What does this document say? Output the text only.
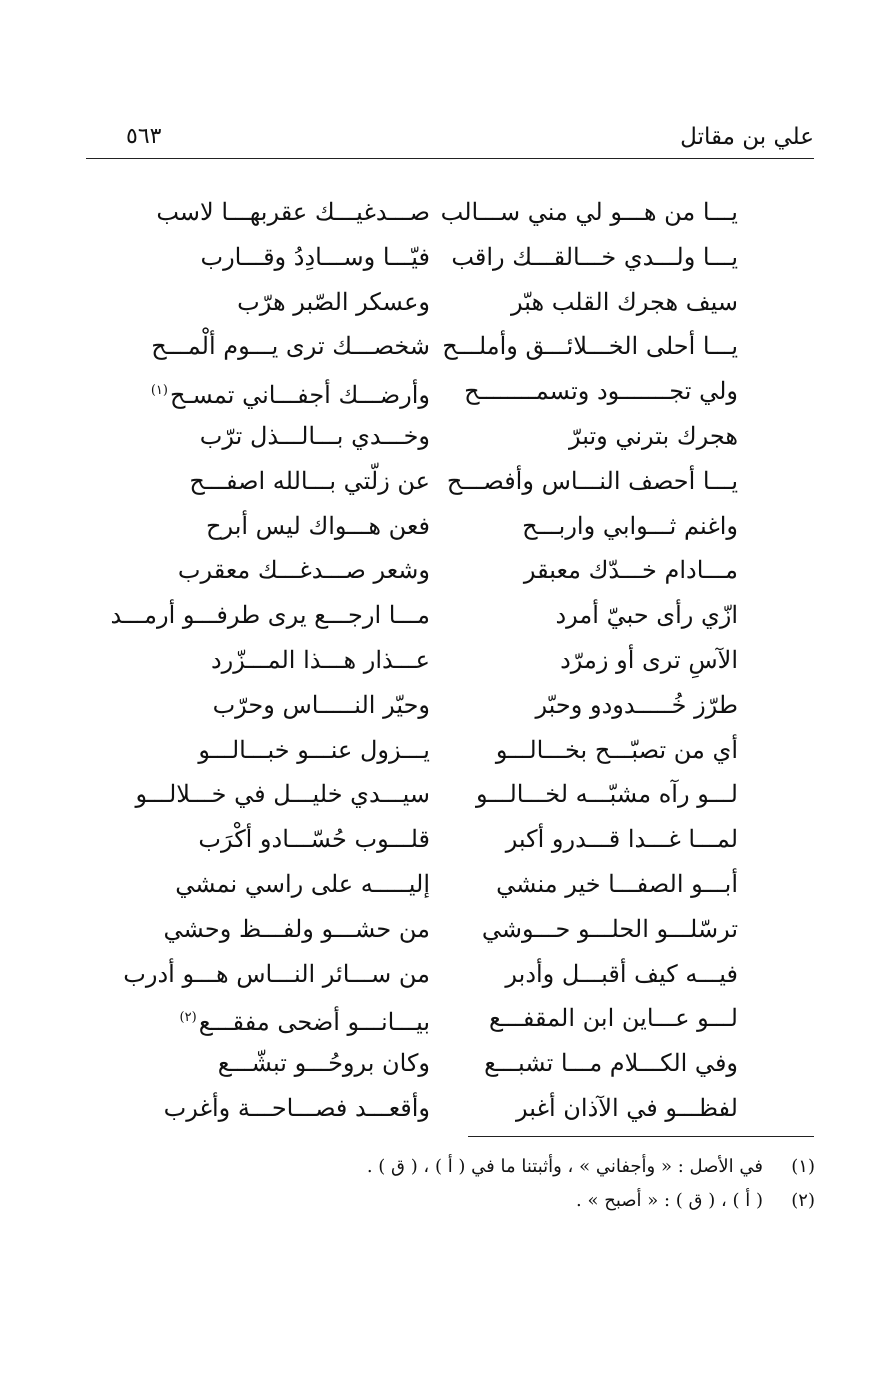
علي بن مقاتل
٥٦٣
يـــا من هـــو لي مني ســـالب
صـــدغيـــك عقربهـــا لاسب
يـــا ولـــدي خـــالقـــك راقب
فيّـــا وســـادِدُ وقـــارب
سيف هجرك القلب هبّر
وعسكر الصّبر هرّب
يـــا أحلى الخـــلائـــق وأملـــح
شخصـــك ترى يـــوم ألْمـــح
ولي تجـــــــود وتسمــــــــح
وأرضـــك أجفـــاني تمسـح$^{(١)}$
هجرك بترني وتبرّ
وخـــدي بـــالـــذل ترّب
يـــا أحصف النـــاس وأفصـــح
عن زلّتي بـــالله اصفـــح
واغنم ثـــوابي واربـــح
فعن هـــواك ليس أبرح
مـــادام خـــدّك معبقر
وشعر صـــدغـــك معقرب
ازّي رأى حبيّ أمرد
مـــا ارجـــع يرى طرفـــو أرمـــد
الآسِ ترى أو زمرّد
عـــذار هـــذا المـــزّرد
طرّز خُـــــدودو وحبّر
وحيّر النـــــاس وحرّب
أي من تصبّـــح بخـــالـــو
يـــزول عنـــو خبـــالـــو
لـــو رآه مشبّـــه لخـــالـــو
سيـــدي خليـــل في خـــلالـــو
لمـــا غـــدا قـــدرو أكبر
قلـــوب حُسّـــادو أكْرَب
أبـــو الصفـــا خير منشي
إليـــــه على راسي نمشي
ترسّلـــو الحلـــو حـــوشي
من حشـــو ولفـــظ وحشي
فيـــه كيف أقبـــل وأدبر
من ســـائر النـــاس هـــو أدرب
لـــو عـــاين ابن المقفـــع
بيـــانـــو أضحى مفقـــع$^{(٢)}$
وفي الكـــلام مـــا تشبـــع
وكان بروحُـــو تبشّـــع
لفظـــو في الآذان أغبر
وأقعـــد فصـــاحـــة وأغرب
(١)
في الأصل : « وأجفاني » ، وأثبتنا ما في ( أ ) ، ( ق ) .
(٢)
( أ ) ، ( ق ) : « أصبح » .
